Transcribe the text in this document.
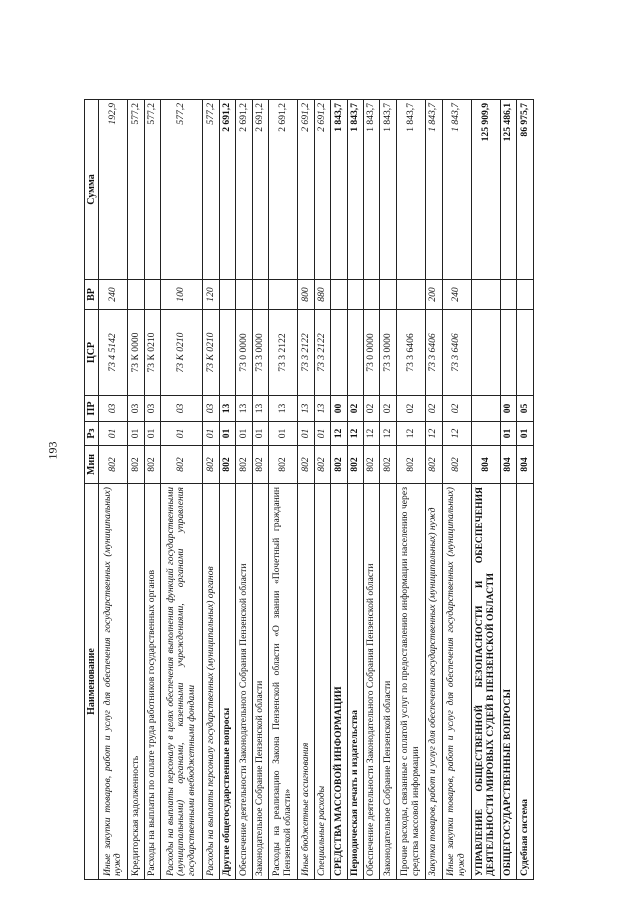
193
Наименование	Мин	Рз	ПР	ЦСР	ВР	Сумма
Иные закупки товаров, работ и услуг для обеспечения государственных (муниципальных) нужд	802	01	03	73 4 5142	240	192,9
Кредиторская задолженность	802	01	03	73 К 0000		577,2
Расходы на выплаты по оплате труда работников государственных органов	802	01	03	73 К 0210		577,2
Расходы на выплаты персоналу в целях обеспечения выполнения функций государственными (муниципальными) органами, казенными учреждениями, органами управления государственными внебюджетными фондами	802	01	03	73 К 0210	100	577,2
Расходы на выплаты персоналу государственных (муниципальных) органов	802	01	03	73 К 0210	120	577,2
Другие общегосударственные вопросы	802	01	13			2 691,2
Обеспечение деятельности Законодательного Собрания Пензенской области	802	01	13	73 0 0000		2 691,2
Законодательное Собрание Пензенской области	802	01	13	73 3 0000		2 691,2
Расходы на реализацию Закона Пензенской области «О звании «Почетный гражданин Пензенской области»	802	01	13	73 3 2122		2 691,2
Иные бюджетные ассигнования	802	01	13	73 3 2122	800	2 691,2
Специальные расходы	802	01	13	73 3 2122	880	2 691,2
СРЕДСТВА МАССОВОЙ ИНФОРМАЦИИ	802	12	00			1 843,7
Периодическая печать и издательства	802	12	02			1 843,7
Обеспечение деятельности Законодательного Собрания Пензенской области	802	12	02	73 0 0000		1 843,7
Законодательное Собрание Пензенской области	802	12	02	73 3 0000		1 843,7
Прочие расходы, связанные с оплатой услуг по предоставлению информации населению через средства массовой информации	802	12	02	73 3 6406		1 843,7
Закупка товаров, работ и услуг для обеспечения государственных (муниципальных) нужд	802	12	02	73 3 6406	200	1 843,7
Иные закупки товаров, работ и услуг для обеспечения государственных (муниципальных) нужд	802	12	02	73 3 6406	240	1 843,7
УПРАВЛЕНИЕ ОБЩЕСТВЕННОЙ БЕЗОПАСНОСТИ И ОБЕСПЕЧЕНИЯ ДЕЯТЕЛЬНОСТИ МИРОВЫХ СУДЕЙ В ПЕНЗЕНСКОЙ ОБЛАСТИ	804					125 909,9
ОБЩЕГОСУДАРСТВЕННЫЕ ВОПРОСЫ	804	01	00			125 486,1
Судебная система	804	01	05			86 975,7
